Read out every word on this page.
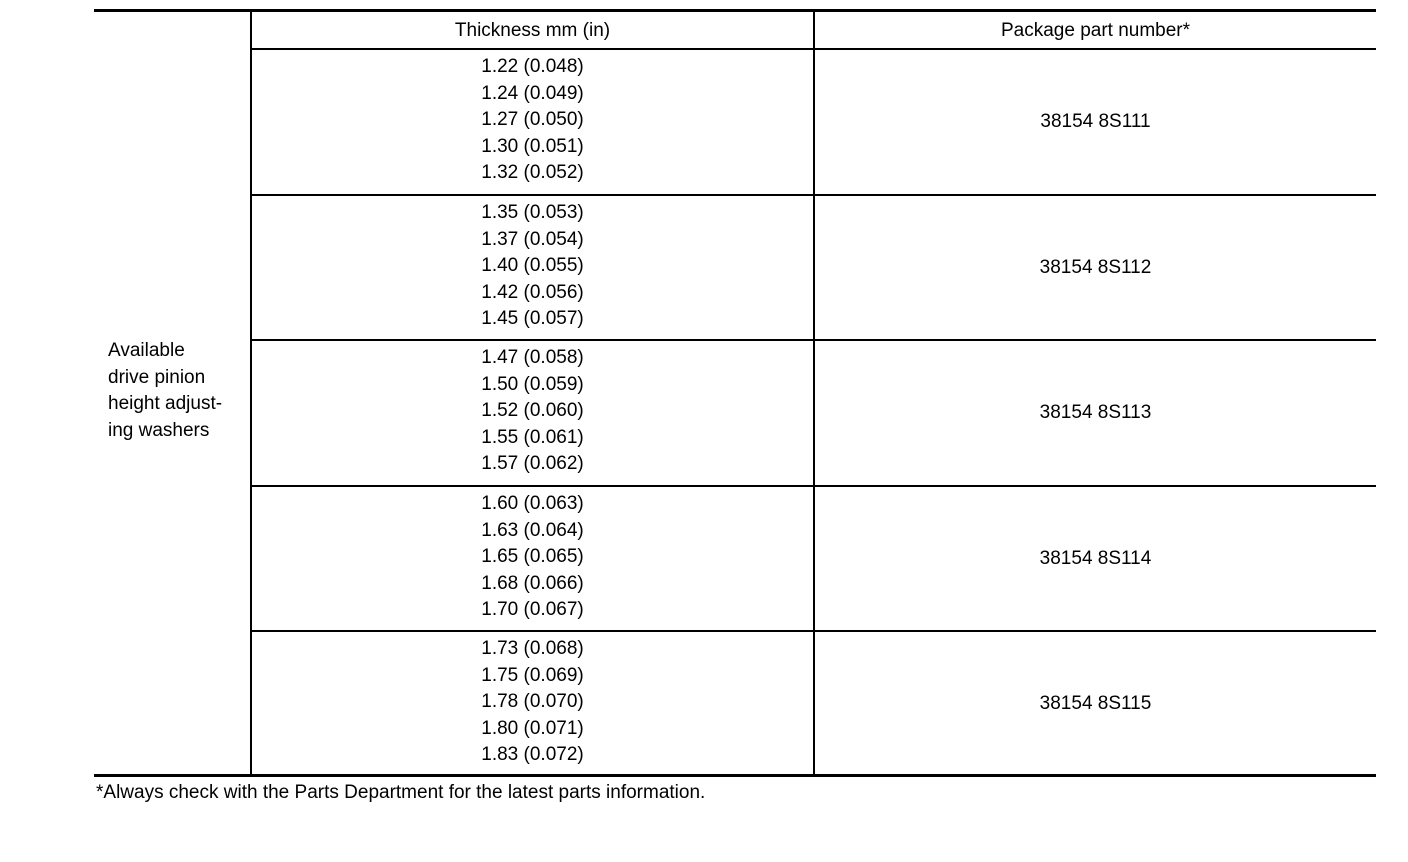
Thickness mm (in)	Package part number*
Available
drive pinion
height adjust-
ing washers
1.22 (0.048)
1.24 (0.049)
1.27 (0.050)
1.30 (0.051)
1.32 (0.052)
38154 8S111
1.35 (0.053)
1.37 (0.054)
1.40 (0.055)
1.42 (0.056)
1.45 (0.057)
38154 8S112
1.47 (0.058)
1.50 (0.059)
1.52 (0.060)
1.55 (0.061)
1.57 (0.062)
38154 8S113
1.60 (0.063)
1.63 (0.064)
1.65 (0.065)
1.68 (0.066)
1.70 (0.067)
38154 8S114
1.73 (0.068)
1.75 (0.069)
1.78 (0.070)
1.80 (0.071)
1.83 (0.072)
38154 8S115
*Always check with the Parts Department for the latest parts information.
